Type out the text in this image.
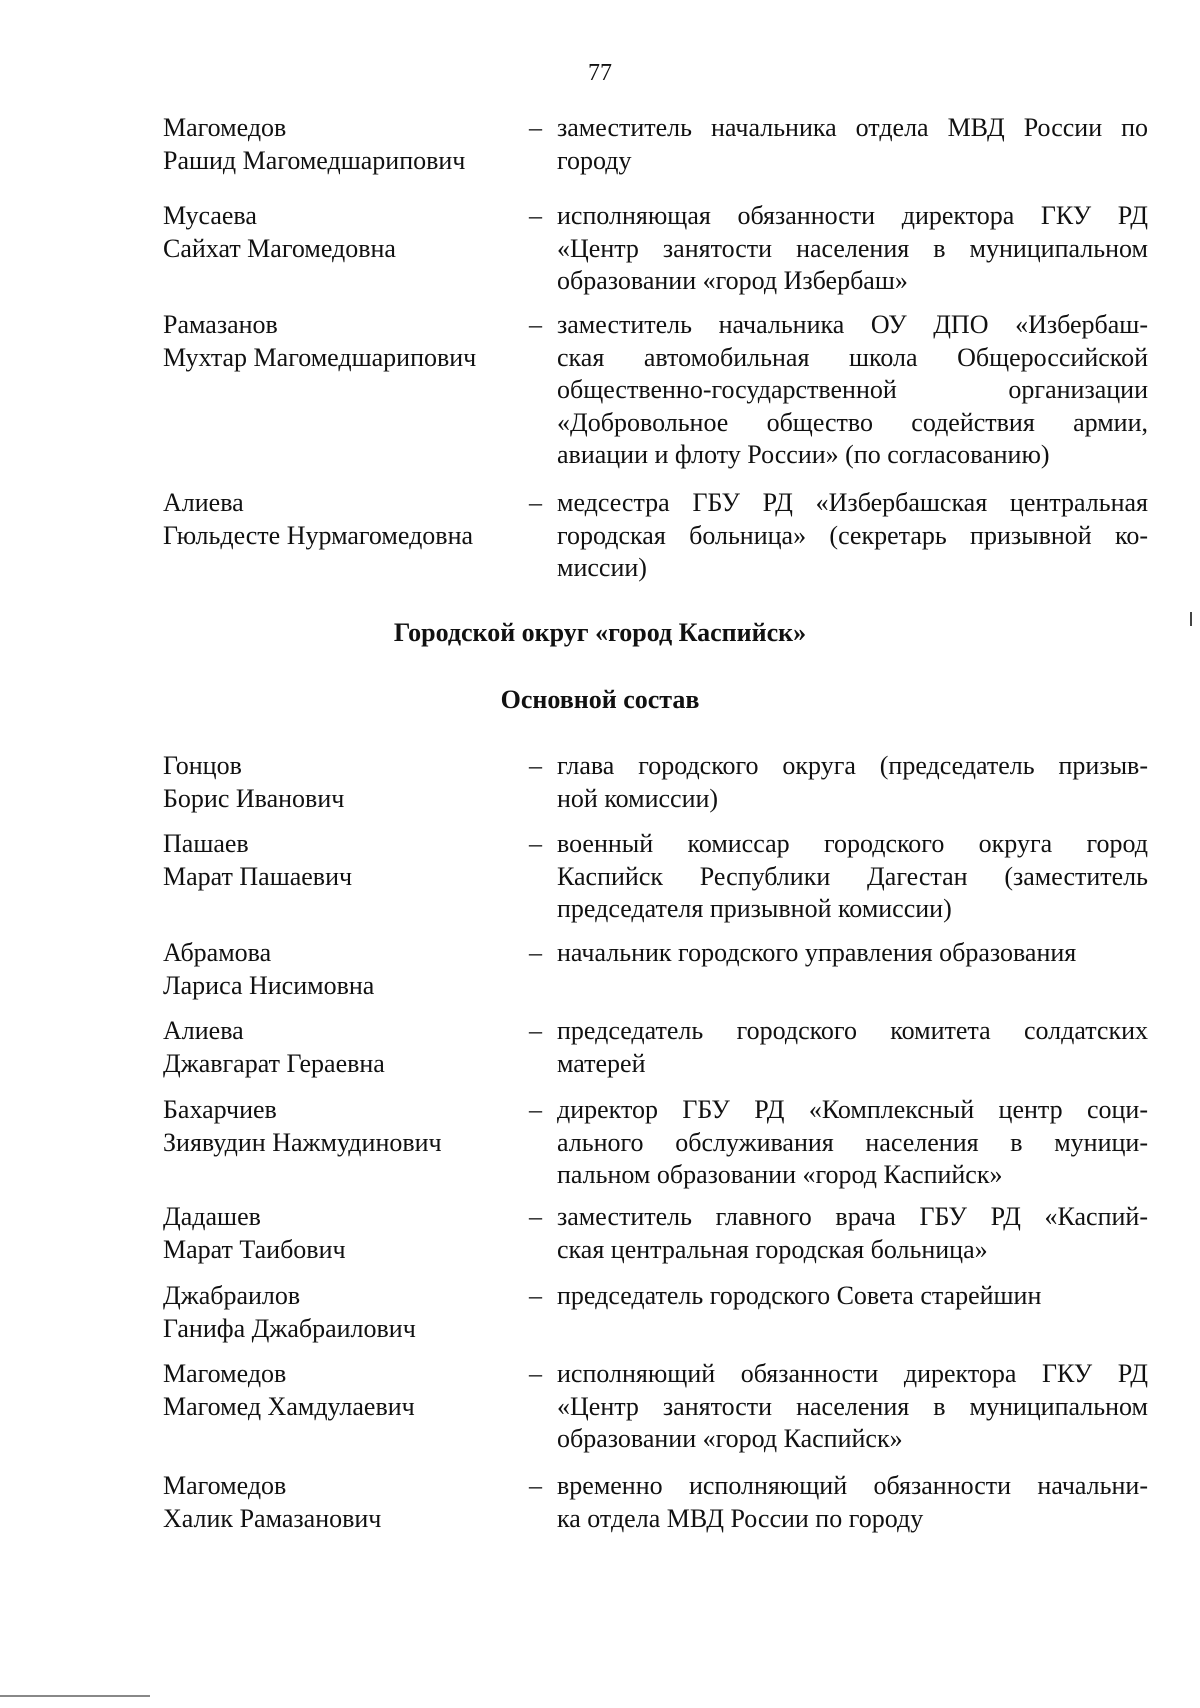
77
Магомедов
Рашид Магомедшарипович
– заместитель начальника отдела МВД России по
городу
Мусаева
Сайхат Магомедовна
– исполняющая обязанности директора ГКУ РД
«Центр занятости населения в муниципальном
образовании «город Избербаш»
Рамазанов
Мухтар Магомедшарипович
– заместитель начальника ОУ ДПО «Избербаш-
ская автомобильная школа Общероссийской
общественно-государственной организации
«Добровольное общество содействия армии,
авиации и флоту России» (по согласованию)
Алиева
Гюльдесте Нурмагомедовна
– медсестра ГБУ РД «Избербашская центральная
городская больница» (секретарь призывной ко-
миссии)
Городской округ «город Каспийск»
Основной состав
Гонцов
Борис Иванович
– глава городского округа (председатель призыв-
ной комиссии)
Пашаев
Марат Пашаевич
– военный комиссар городского округа город
Каспийск Республики Дагестан (заместитель
председателя призывной комиссии)
Абрамова
Лариса Нисимовна
– начальник городского управления образования
Алиева
Джавгарат Гераевна
– председатель городского комитета солдатских
матерей
Бахарчиев
Зиявудин Нажмудинович
– директор ГБУ РД «Комплексный центр соци-
ального обслуживания населения в муници-
пальном образовании «город Каспийск»
Дадашев
Марат Таибович
– заместитель главного врача ГБУ РД «Каспий-
ская центральная городская больница»
Джабраилов
Ганифа Джабраилович
– председатель городского Совета старейшин
Магомедов
Магомед Хамдулаевич
– исполняющий обязанности директора ГКУ РД
«Центр занятости населения в муниципальном
образовании «город Каспийск»
Магомедов
Халик Рамазанович
– временно исполняющий обязанности начальни-
ка отдела МВД России по городу
